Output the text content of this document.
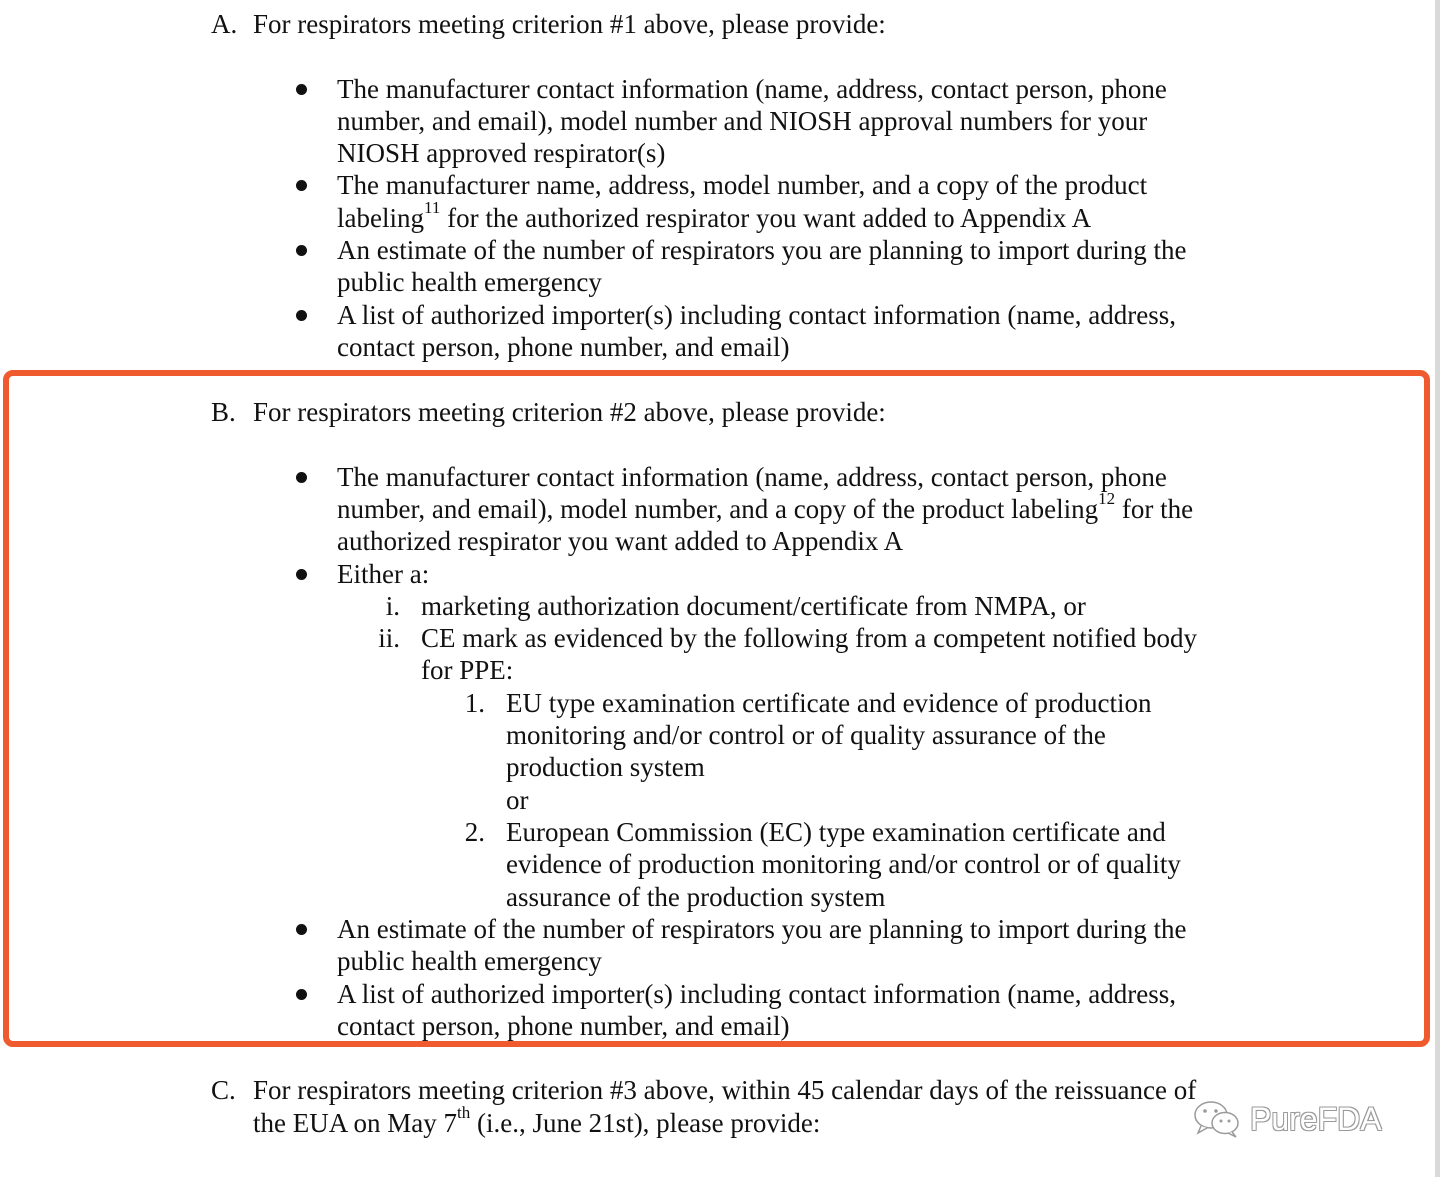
A. For respirators meeting criterion #1 above, please provide:
The manufacturer contact information (name, address, contact person, phone
number, and email), model number and NIOSH approval numbers for your
NIOSH approved respirator(s)
The manufacturer name, address, model number, and a copy of the product
labeling$^{11}$ for the authorized respirator you want added to Appendix A
An estimate of the number of respirators you are planning to import during the
public health emergency
A list of authorized importer(s) including contact information (name, address,
contact person, phone number, and email)
B. For respirators meeting criterion #2 above, please provide:
The manufacturer contact information (name, address, contact person, phone
number, and email), model number, and a copy of the product labeling$^{12}$ for the
authorized respirator you want added to Appendix A
Either a:
i. marketing authorization document/certificate from NMPA, or
ii. CE mark as evidenced by the following from a competent notified body
for PPE:
1. EU type examination certificate and evidence of production
monitoring and/or control or of quality assurance of the
production system
or
2. European Commission (EC) type examination certificate and
evidence of production monitoring and/or control or of quality
assurance of the production system
An estimate of the number of respirators you are planning to import during the
public health emergency
A list of authorized importer(s) including contact information (name, address,
contact person, phone number, and email)
C. For respirators meeting criterion #3 above, within 45 calendar days of the reissuance of
the EUA on May 7th (i.e., June 21st), please provide:	PureFDA
